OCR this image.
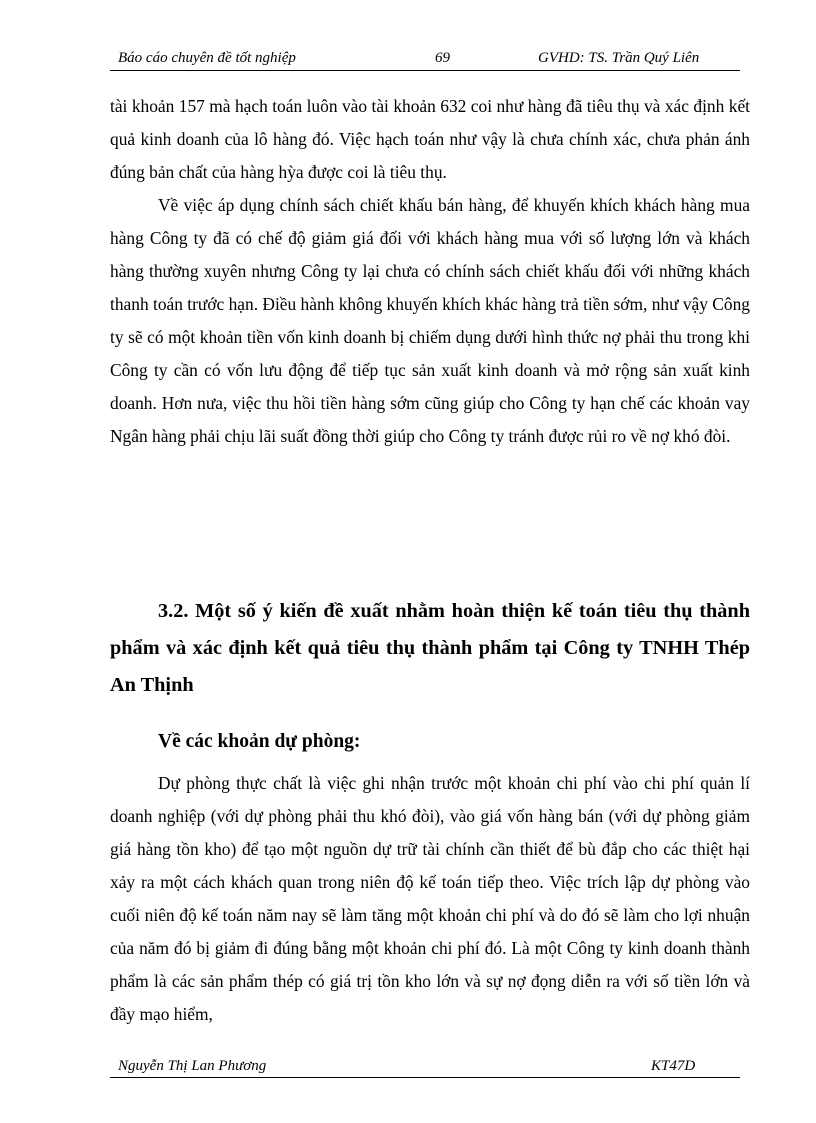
Báo cáo chuyên đề tốt nghiệp	69	GVHD: TS. Trần Quý Liên

tài khoản 157 mà hạch toán luôn vào tài khoản 632 coi như hàng đã tiêu thụ và xác định kết quả kinh doanh của lô hàng đó. Việc hạch toán như vậy là chưa chính xác, chưa phản ánh đúng bản chất của hàng hỳa được coi là tiêu thụ.

Về việc áp dụng chính sách chiết khấu bán hàng, để khuyến khích khách hàng mua hàng Công ty đã có chế độ giảm giá đối với khách hàng mua với số lượng lớn và khách hàng thường xuyên nhưng Công ty lại chưa có chính sách chiết khấu đối với những khách thanh toán trước hạn. Điều hành không khuyến khích khác hàng trả tiền sớm, như vậy Công ty sẽ có một khoản tiền vốn kinh doanh bị chiếm dụng dưới hình thức nợ phải thu trong khi Công ty cần có vốn lưu động để tiếp tục sản xuất kinh doanh và mở rộng sản xuất kinh doanh. Hơn nưa, việc thu hồi tiền hàng sớm cũng giúp cho Công ty hạn chế các khoản vay Ngân hàng phải chịu lãi suất đồng thời giúp cho Công ty tránh được rủi ro về nợ khó đòi.

3.2. Một số ý kiến đề xuất nhằm hoàn thiện kế toán tiêu thụ thành phẩm và xác định kết quả tiêu thụ thành phẩm tại Công ty TNHH Thép An Thịnh
Về các khoản dự phòng:
Dự phòng thực chất là việc ghi nhận trước một khoản chi phí vào chi phí quản lí doanh nghiệp (với dự phòng phải thu khó đòi), vào giá vốn hàng bán (với dự phòng giảm giá hàng tồn kho) để tạo một nguồn dự trữ tài chính cần thiết để bù đắp cho các thiệt hại xảy ra một cách khách quan trong niên độ kế toán tiếp theo. Việc trích lập dự phòng vào cuối niên độ kế toán năm nay sẽ làm tăng một khoản chi phí và do đó sẽ làm cho lợi nhuận của năm đó bị giảm đi đúng bằng một khoản chi phí đó. Là một Công ty kinh doanh thành phẩm là các sản phẩm thép có giá trị tồn kho lớn và sự nợ đọng diễn ra với số tiền lớn và đầy mạo hiểm,
Nguyễn Thị Lan Phương	KT47D
